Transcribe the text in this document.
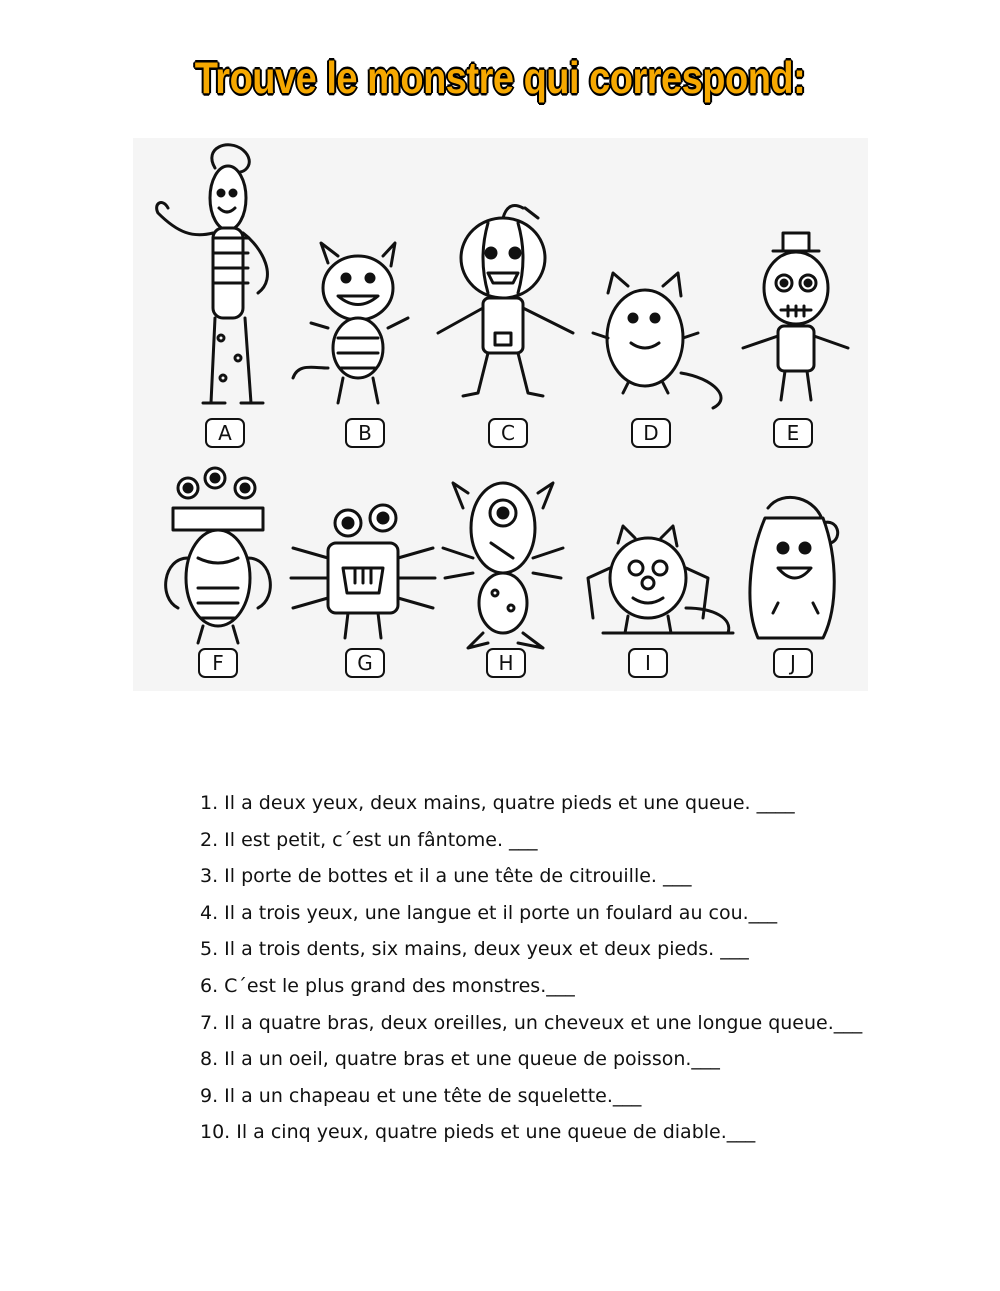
Trouve le monstre qui correspond:
A	B	C	D	E
F	G	H	I	J
1. Il a deux yeux, deux mains, quatre pieds et une queue. ____
2. Il est petit, c´est un fântome. ___
3. Il porte de bottes et il a une tête de citrouille. ___
4. Il a trois yeux, une langue et il porte un foulard au cou.___
5. Il a trois dents, six mains, deux yeux et deux pieds. ___
6. C´est le plus grand des monstres.___
7. Il a quatre bras, deux oreilles, un cheveux et une longue queue.___
8. Il a un oeil, quatre bras et une queue de poisson.___
9. Il a un chapeau et une tête de squelette.___
10. Il a cinq yeux, quatre pieds et une queue de diable.___
